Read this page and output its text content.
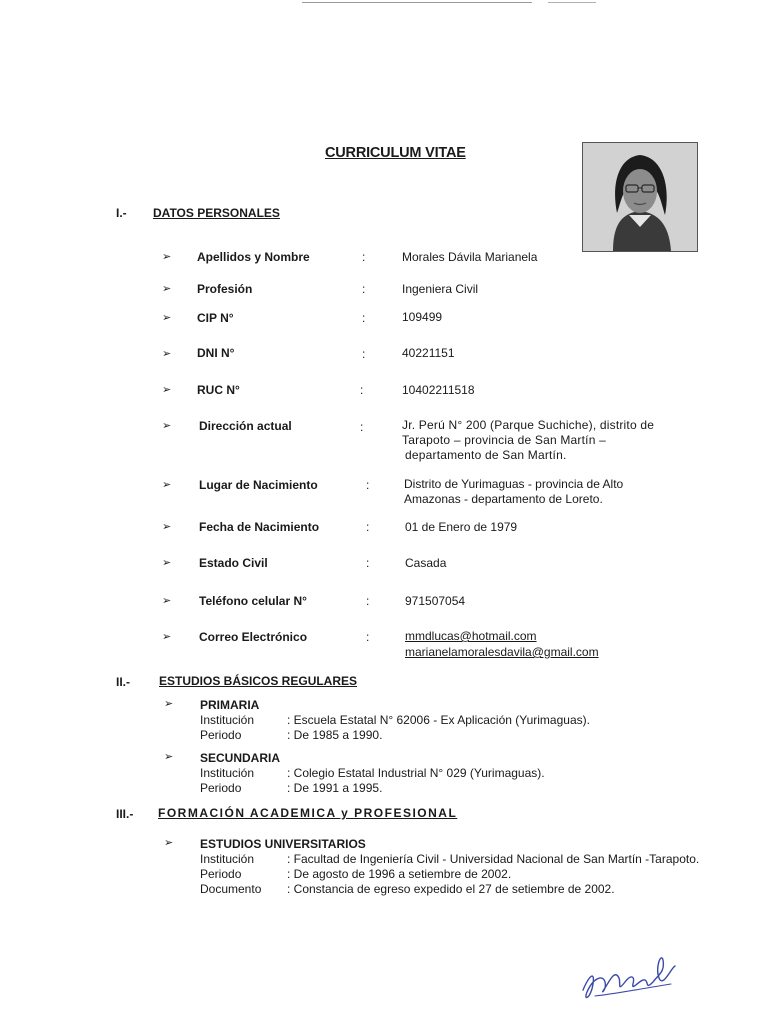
CURRICULUM VITAE
I.- DATOS PERSONALES
➢ Apellidos y Nombre	:	Morales Dávila Marianela
➢ Profesión	:	Ingeniera Civil
➢ CIP N°	:	109499
➢ DNI N°	:	40221151
➢ RUC N°	:	10402211518
➢ Dirección actual	:	Jr. Perú N° 200 (Parque Suchiche), distrito de
Tarapoto – provincia de San Martín –
departamento de San Martín.
➢ Lugar de Nacimiento	:	Distrito de Yurimaguas - provincia de Alto
Amazonas - departamento de Loreto.
➢ Fecha de Nacimiento	:	01 de Enero de 1979
➢ Estado Civil	:	Casada
➢ Teléfono celular N°	:	971507054
➢ Correo Electrónico	:	mmdlucas@hotmail.com
marianelamoralesdavila@gmail.com
II.- ESTUDIOS BÁSICOS REGULARES
➢ PRIMARIA
Institución	: Escuela Estatal N° 62006 - Ex Aplicación (Yurimaguas).
Periodo	: De 1985 a 1990.
➢ SECUNDARIA
Institución	: Colegio Estatal Industrial N° 029 (Yurimaguas).
Periodo	: De 1991 a 1995.
III.- FORMACIÓN ACADEMICA y PROFESIONAL
➢ ESTUDIOS UNIVERSITARIOS
Institución	: Facultad de Ingeniería Civil - Universidad Nacional de San Martín -Tarapoto.
Periodo	: De agosto de 1996 a setiembre de 2002.
Documento : Constancia de egreso expedido el 27 de setiembre de 2002.
